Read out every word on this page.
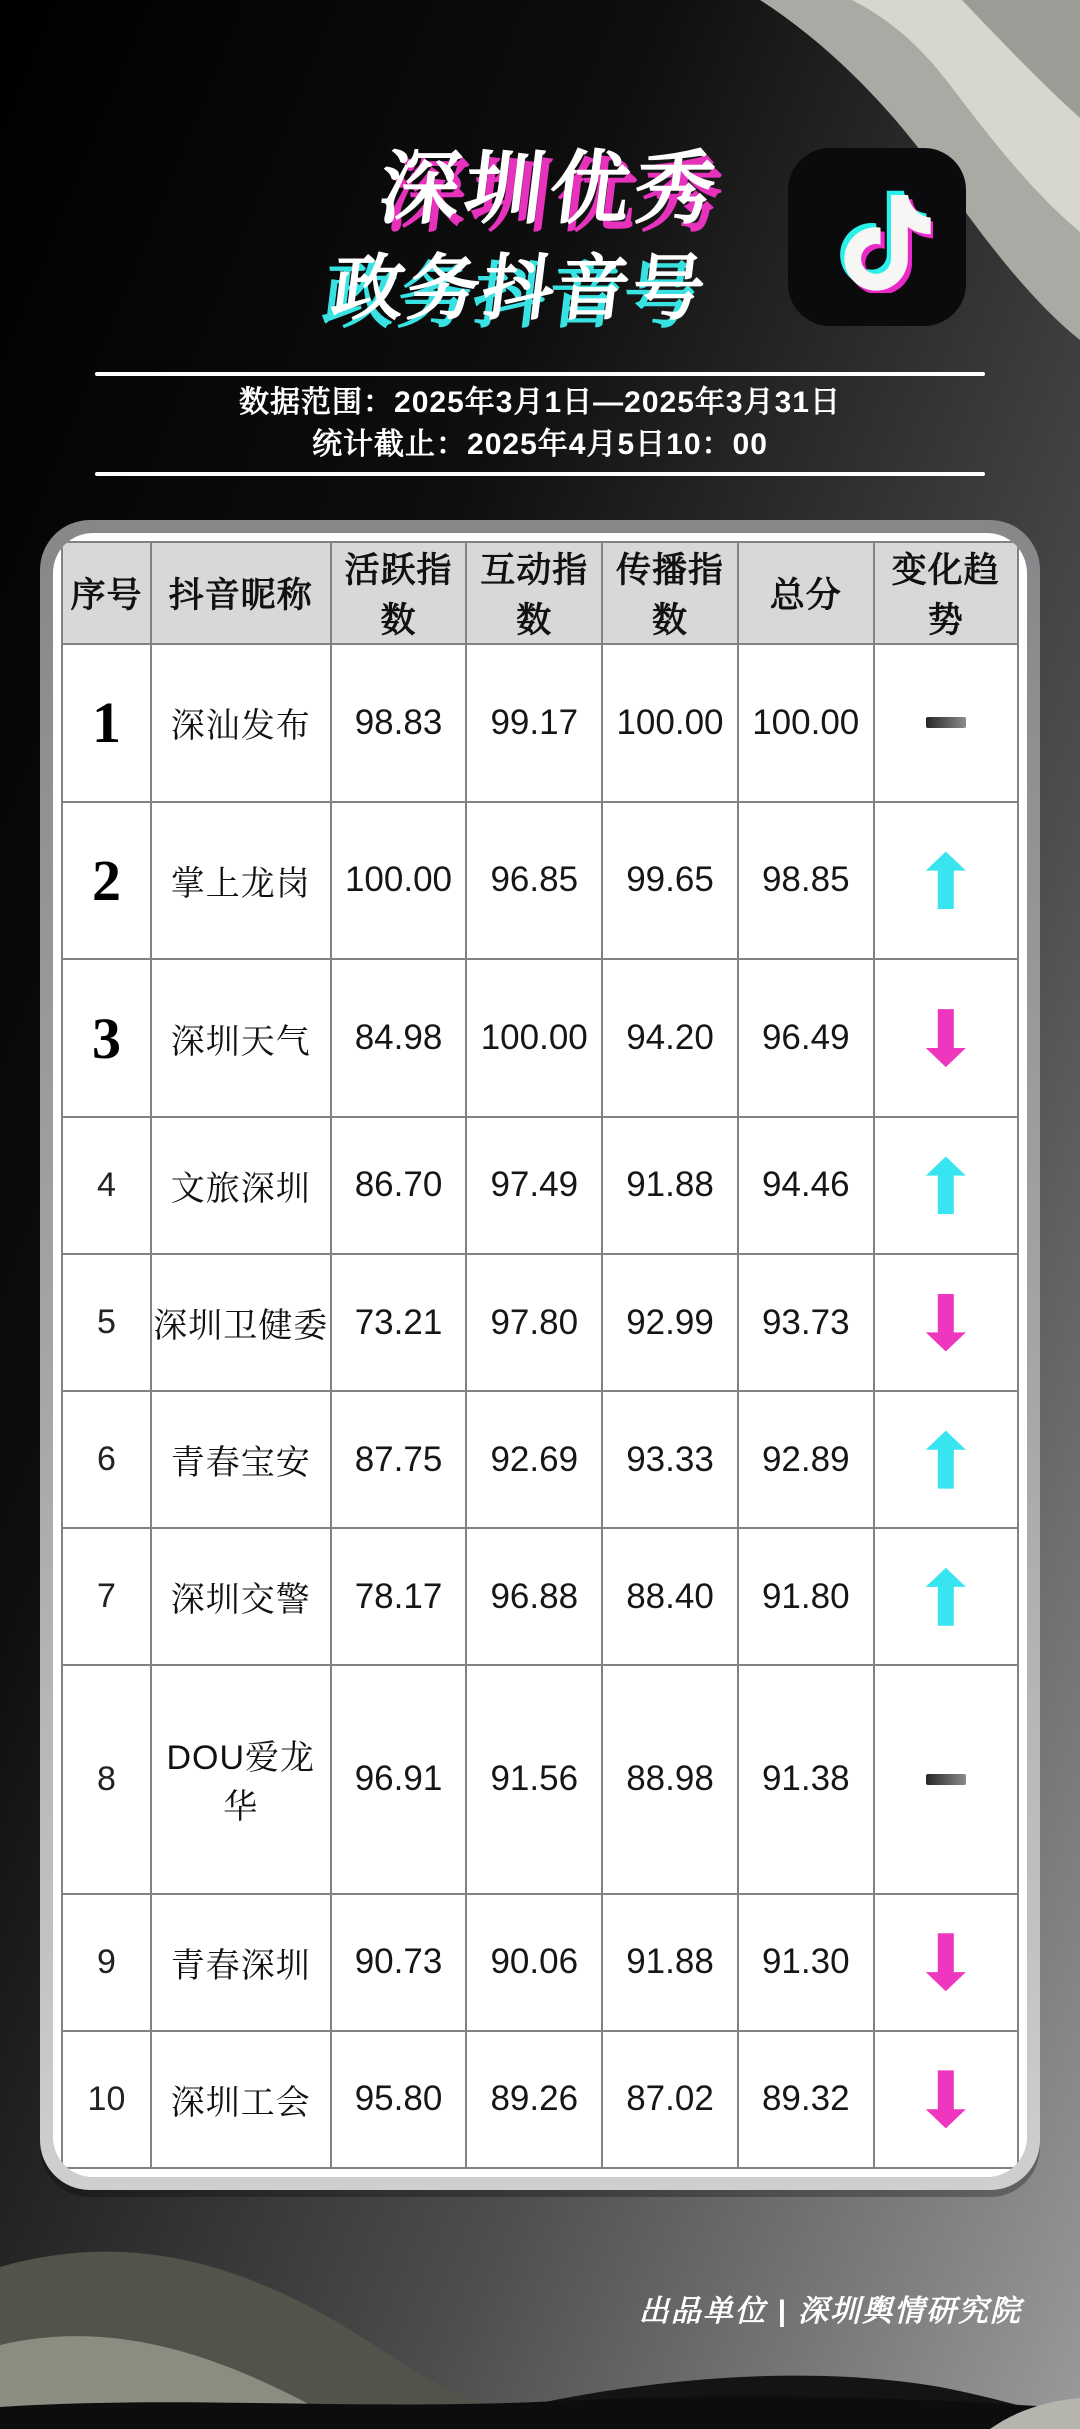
深圳优秀
政务抖音号
数据范围：2025年3月1日—2025年3月31日
统计截止：2025年4月5日10：00
序号	抖音昵称	活跃指数	互动指数	传播指数	总分	变化趋势
1	深汕发布	98.83	99.17	100.00	100.00	

2	掌上龙岗	100.00	96.85	99.65	98.85	

3	深圳天气	84.98	100.00	94.20	96.49	

4	文旅深圳	86.70	97.49	91.88	94.46	

5	深圳卫健委	73.21	97.80	92.99	93.73	

6	青春宝安	87.75	92.69	93.33	92.89	

7	深圳交警	78.17	96.88	88.40	91.80	

8	DOU爱龙华	96.91	91.56	88.98	91.38	

9	青春深圳	90.73	90.06	91.88	91.30	

10	深圳工会	95.80	89.26	87.02	89.32	
出品单位 | 深圳舆情研究院
